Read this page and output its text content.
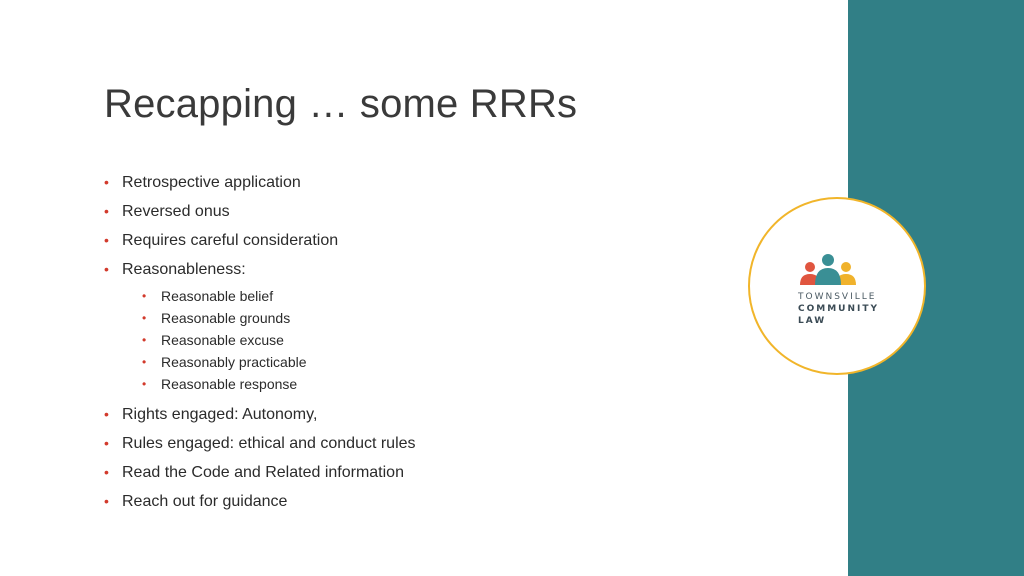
Recapping … some RRRs
• Retrospective application
• Reversed onus
• Requires careful consideration
• Reasonableness:
• Reasonable belief
• Reasonable grounds
• Reasonable excuse
• Reasonably practicable
• Reasonable response
• Rights engaged: Autonomy,
• Rules engaged: ethical and conduct rules
• Read the Code and Related information
• Reach out for guidance
TOWNSVILLE
COMMUNITY
LAW
